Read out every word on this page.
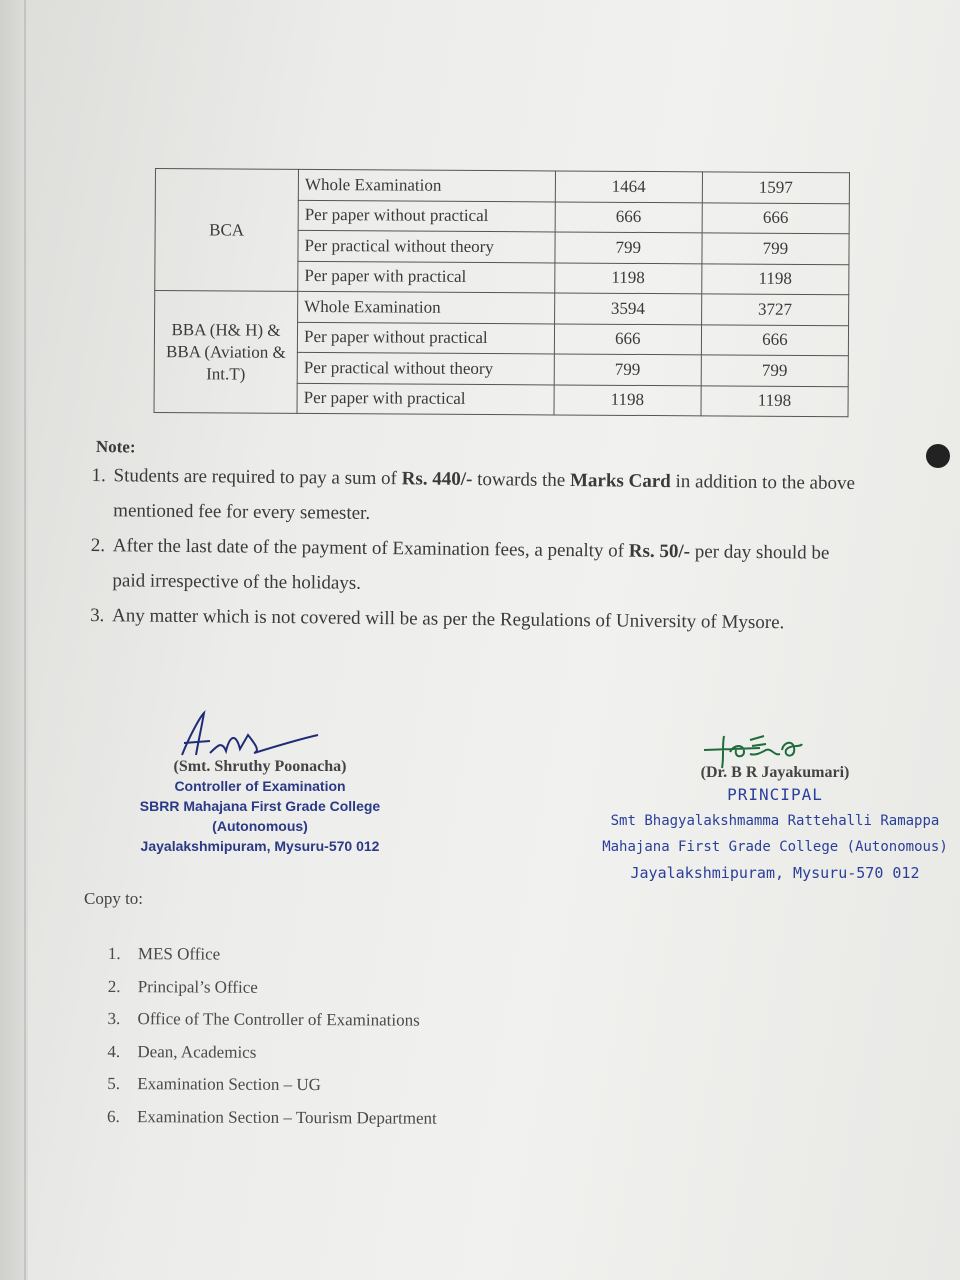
BCA	Whole Examination	1464	1597
	Per paper without practical	666	666
	Per practical without theory	799	799
	Per paper with practical	1198	1198
BBA (H& H) & BBA (Aviation & Int.T)	Whole Examination	3594	3727
	Per paper without practical	666	666
	Per practical without theory	799	799
	Per paper with practical	1198	1198
Note:
1. Students are required to pay a sum of Rs. 440/- towards the Marks Card in addition to the above mentioned fee for every semester.
2. After the last date of the payment of Examination fees, a penalty of Rs. 50/- per day should be paid irrespective of the holidays.
3. Any matter which is not covered will be as per the Regulations of University of Mysore.
(Smt. Shruthy Poonacha)
Controller of Examination
SBRR Mahajana First Grade College
(Autonomous)
Jayalakshmipuram, Mysuru-570 012
(Dr. B R Jayakumari)
PRINCIPAL
Smt Bhagyalakshmamma Rattehalli Ramappa
Mahajana First Grade College (Autonomous)
Jayalakshmipuram, Mysuru-570 012
Copy to:
1. MES Office
2. Principal’s Office
3. Office of The Controller of Examinations
4. Dean, Academics
5. Examination Section – UG
6. Examination Section – Tourism Department
